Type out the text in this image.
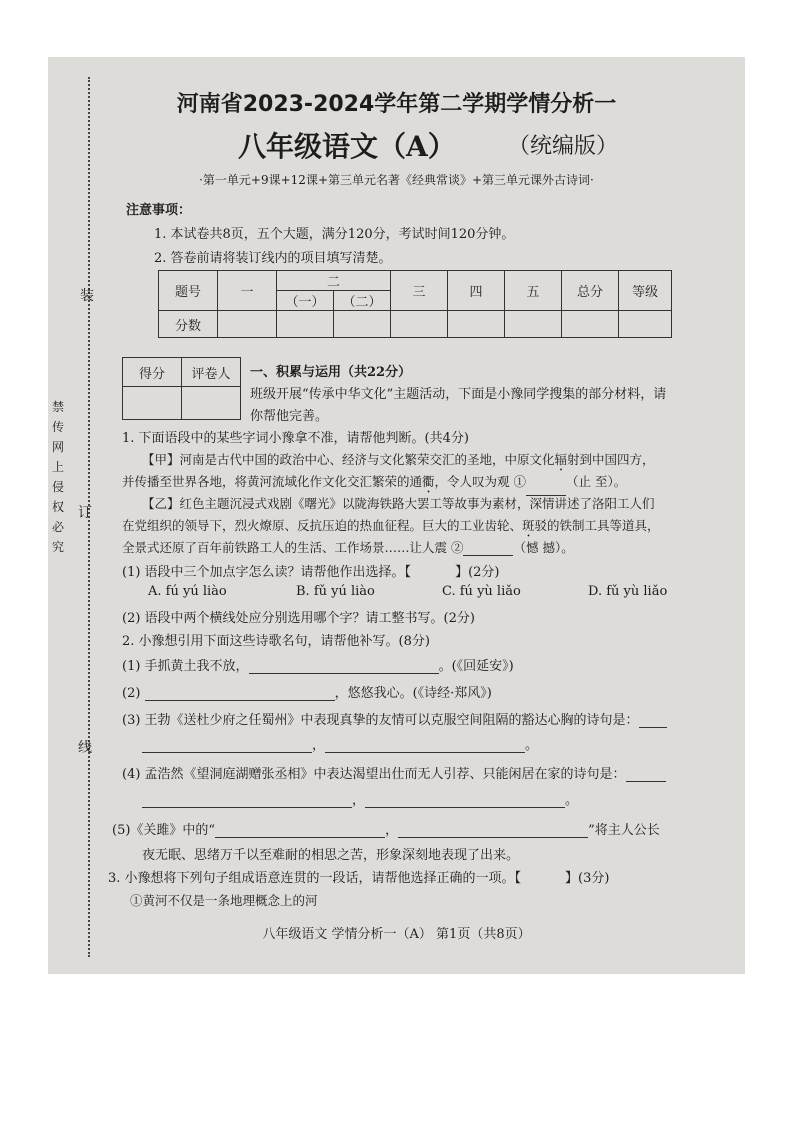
装
订
线
禁传网上侵权必究
河南省2023-2024学年第二学期学情分析一
八年级语文（A） （统编版）
·第一单元+9课+12课+第三单元名著《经典常谈》+第三单元课外古诗词·
注意事项：
1. 本试卷共8页，五个大题，满分120分，考试时间120分钟。
2. 答卷前请将装订线内的项目填写清楚。
题号	一	二		三	四	五	总分	等级
		（一）	（二）					
分数								
得分	评卷人
	一、积累与运用（共22分）
班级开展“传承中华文化”主题活动，下面是小豫同学搜集的部分材料，请
你帮他完善。
1. 下面语段中的某些字词小豫拿不准，请帮他判断。(共4分)
【甲】河南是古代中国的政治中心、经济与文化繁荣交汇的圣地，中原文化辐射到中国四方，
并传播至世界各地，将黄河流域化作文化交汇繁荣的通衢，令人叹为观 ①	（止 至）。
【乙】红色主题沉浸式戏剧《曙光》以陇海铁路大罢工等故事为素材，深情讲述了洛阳工人们
在党组织的领导下，烈火燎原、反抗压迫的热血征程。巨大的工业齿轮、斑驳的铁制工具等道具，
全景式还原了百年前铁路工人的生活、工作场景……让人震 ②	（憾 撼）。
(1) 语段中三个加点字怎么读？请帮他作出选择。【	】(2分)
A. fú yú liào	B. fǔ yú liào	C. fú yù liǎo	D. fǔ yù liǎo
(2) 语段中两个横线处应分别选用哪个字？请工整书写。(2分)
2. 小豫想引用下面这些诗歌名句，请帮他补写。(8分)
(1) 手抓黄土我不放，	。(《回延安》)
(2)	，悠悠我心。(《诗经·郑风》)
(3) 王勃《送杜少府之任蜀州》中表现真挚的友情可以克服空间阻隔的豁达心胸的诗句是：
，	。
(4) 孟浩然《望洞庭湖赠张丞相》中表达渴望出仕而无人引荐、只能闲居在家的诗句是：
，	。
(5)《关雎》中的“	，	”将主人公长
夜无眠、思绪万千以至难耐的相思之苦，形象深刻地表现了出来。
3. 小豫想将下列句子组成语意连贯的一段话，请帮他选择正确的一项。【	】(3分)
①黄河不仅是一条地理概念上的河
八年级语文 学情分析一（A） 第1页（共8页）
